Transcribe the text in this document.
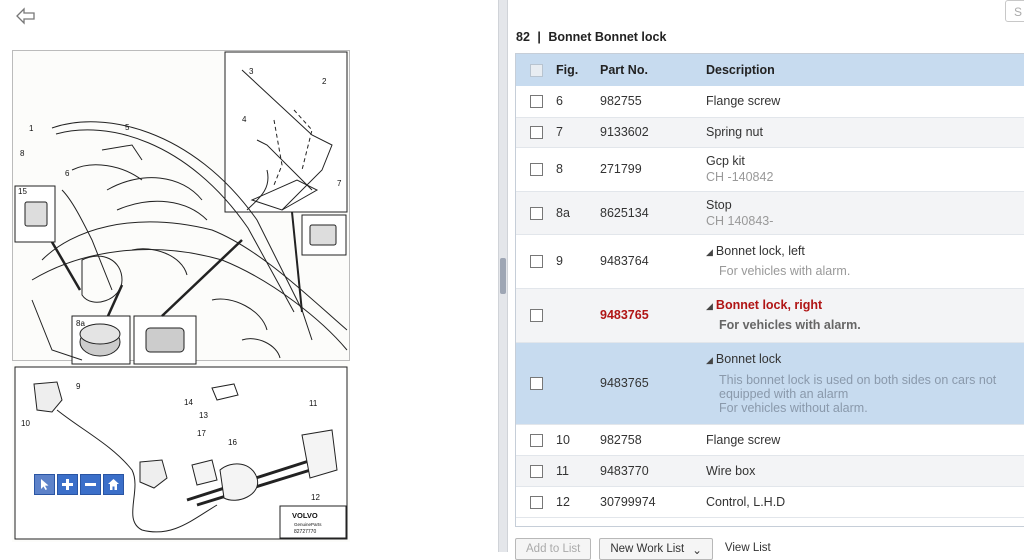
1
2
3
4
5
6
7
8
8a
9
10
11
12
13
14
15
16
17
VOLVO
GenuineParts
82727770
S
82 | Bonnet Bonnet lock
	Fig.	Part No.	Description
	6	982755	Flange screw

	7	9133602	Spring nut

	8	271799	Gcp kit
CH -140842

	8a	8625134	Stop
CH 140843-

	9	9483764	◢ Bonnet lock, left
For vehicles with alarm.

		9483765	◢ Bonnet lock, right
For vehicles with alarm.

		9483765	◢ Bonnet lock
This bonnet lock is used on both sides on cars not
equipped with an alarm
For vehicles without alarm.

	10	982758	Flange screw

	11	9483770	Wire box

	12	30799974	Control, L.H.D

Add to List	New Work List ⌄	View List
